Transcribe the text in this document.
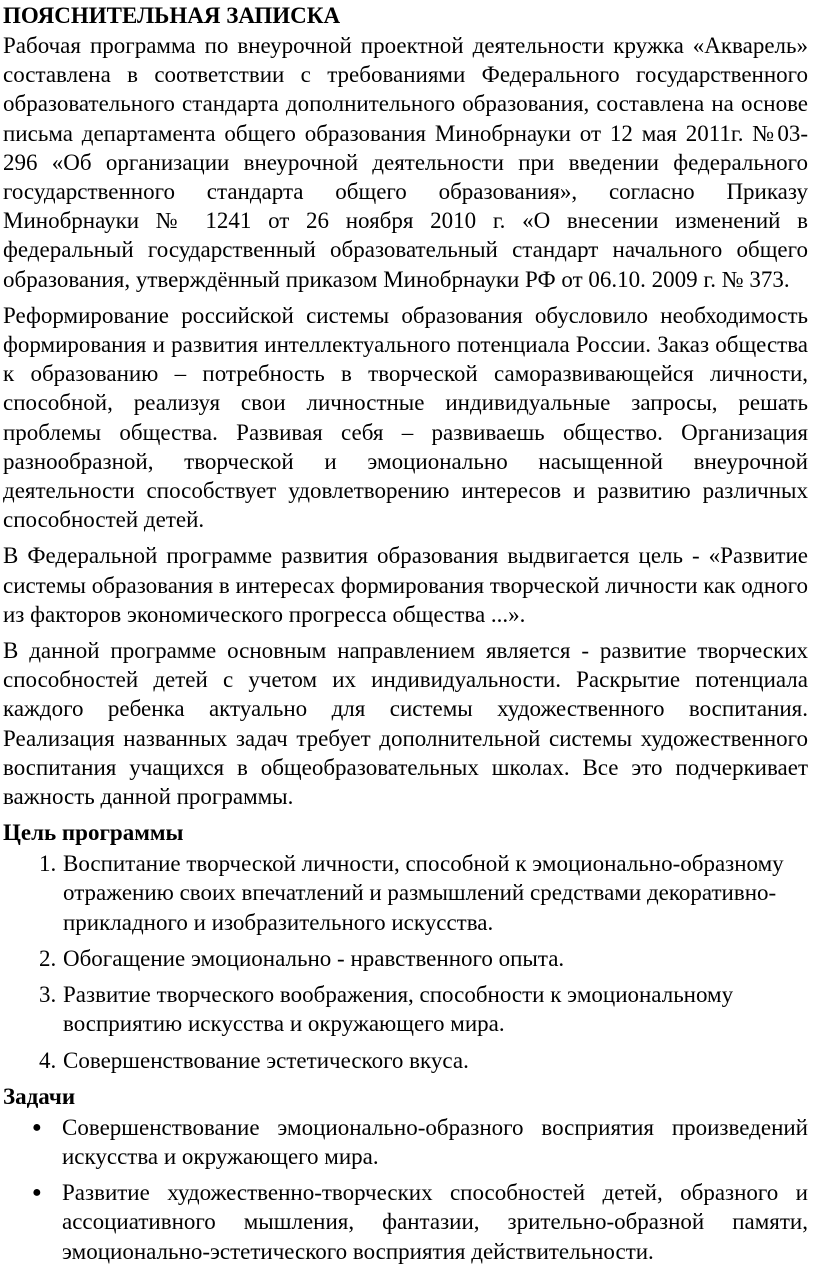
ПОЯСНИТЕЛЬНАЯ ЗАПИСКА

Рабочая программа по внеурочной проектной деятельности кружка «Акварель» составлена в соответствии с требованиями Федерального государственного образовательного стандарта дополнительного образования, составлена на основе письма департамента общего образования Минобрнауки от 12 мая 2011г. №03-296 «Об организации внеурочной деятельности при введении федерального государственного стандарта общего образования», согласно Приказу Минобрнауки № 1241 от 26 ноября 2010 г. «О внесении изменений в федеральный государственный образовательный стандарт начального общего образования, утверждённый приказом Минобрнауки РФ от 06.10. 2009 г. № 373.

Реформирование российской системы образования обусловило необходимость формирования и развития интеллектуального потенциала России. Заказ общества к образованию – потребность в творческой саморазвивающейся личности, способной, реализуя свои личностные индивидуальные запросы, решать проблемы общества. Развивая себя – развиваешь общество. Организация разнообразной, творческой и эмоционально насыщенной внеурочной деятельности способствует удовлетворению интересов и развитию различных способностей детей.

В Федеральной программе развития образования выдвигается цель - «Развитие системы образования в интересах формирования творческой личности как одного из факторов экономического прогресса общества ...».

В данной программе основным направлением является - развитие творческих способностей детей с учетом их индивидуальности. Раскрытие потенциала каждого ребенка актуально для системы художественного воспитания. Реализация названных задач требует дополнительной системы художественного воспитания учащихся в общеобразовательных школах. Все это подчеркивает важность данной программы.

Цель программы
1. Воспитание творческой личности, способной к эмоционально-образному отражению своих впечатлений и размышлений средствами декоративно-прикладного и изобразительного искусства.
2. Обогащение эмоционально - нравственного опыта.
3. Развитие творческого воображения, способности к эмоциональному восприятию искусства и окружающего мира.
4. Совершенствование эстетического вкуса.
Задачи
● Совершенствование эмоционально-образного восприятия произведений искусства и окружающего мира.
● Развитие художественно-творческих способностей детей, образного и ассоциативного мышления, фантазии, зрительно-образной памяти, эмоционально-эстетического восприятия действительности.
